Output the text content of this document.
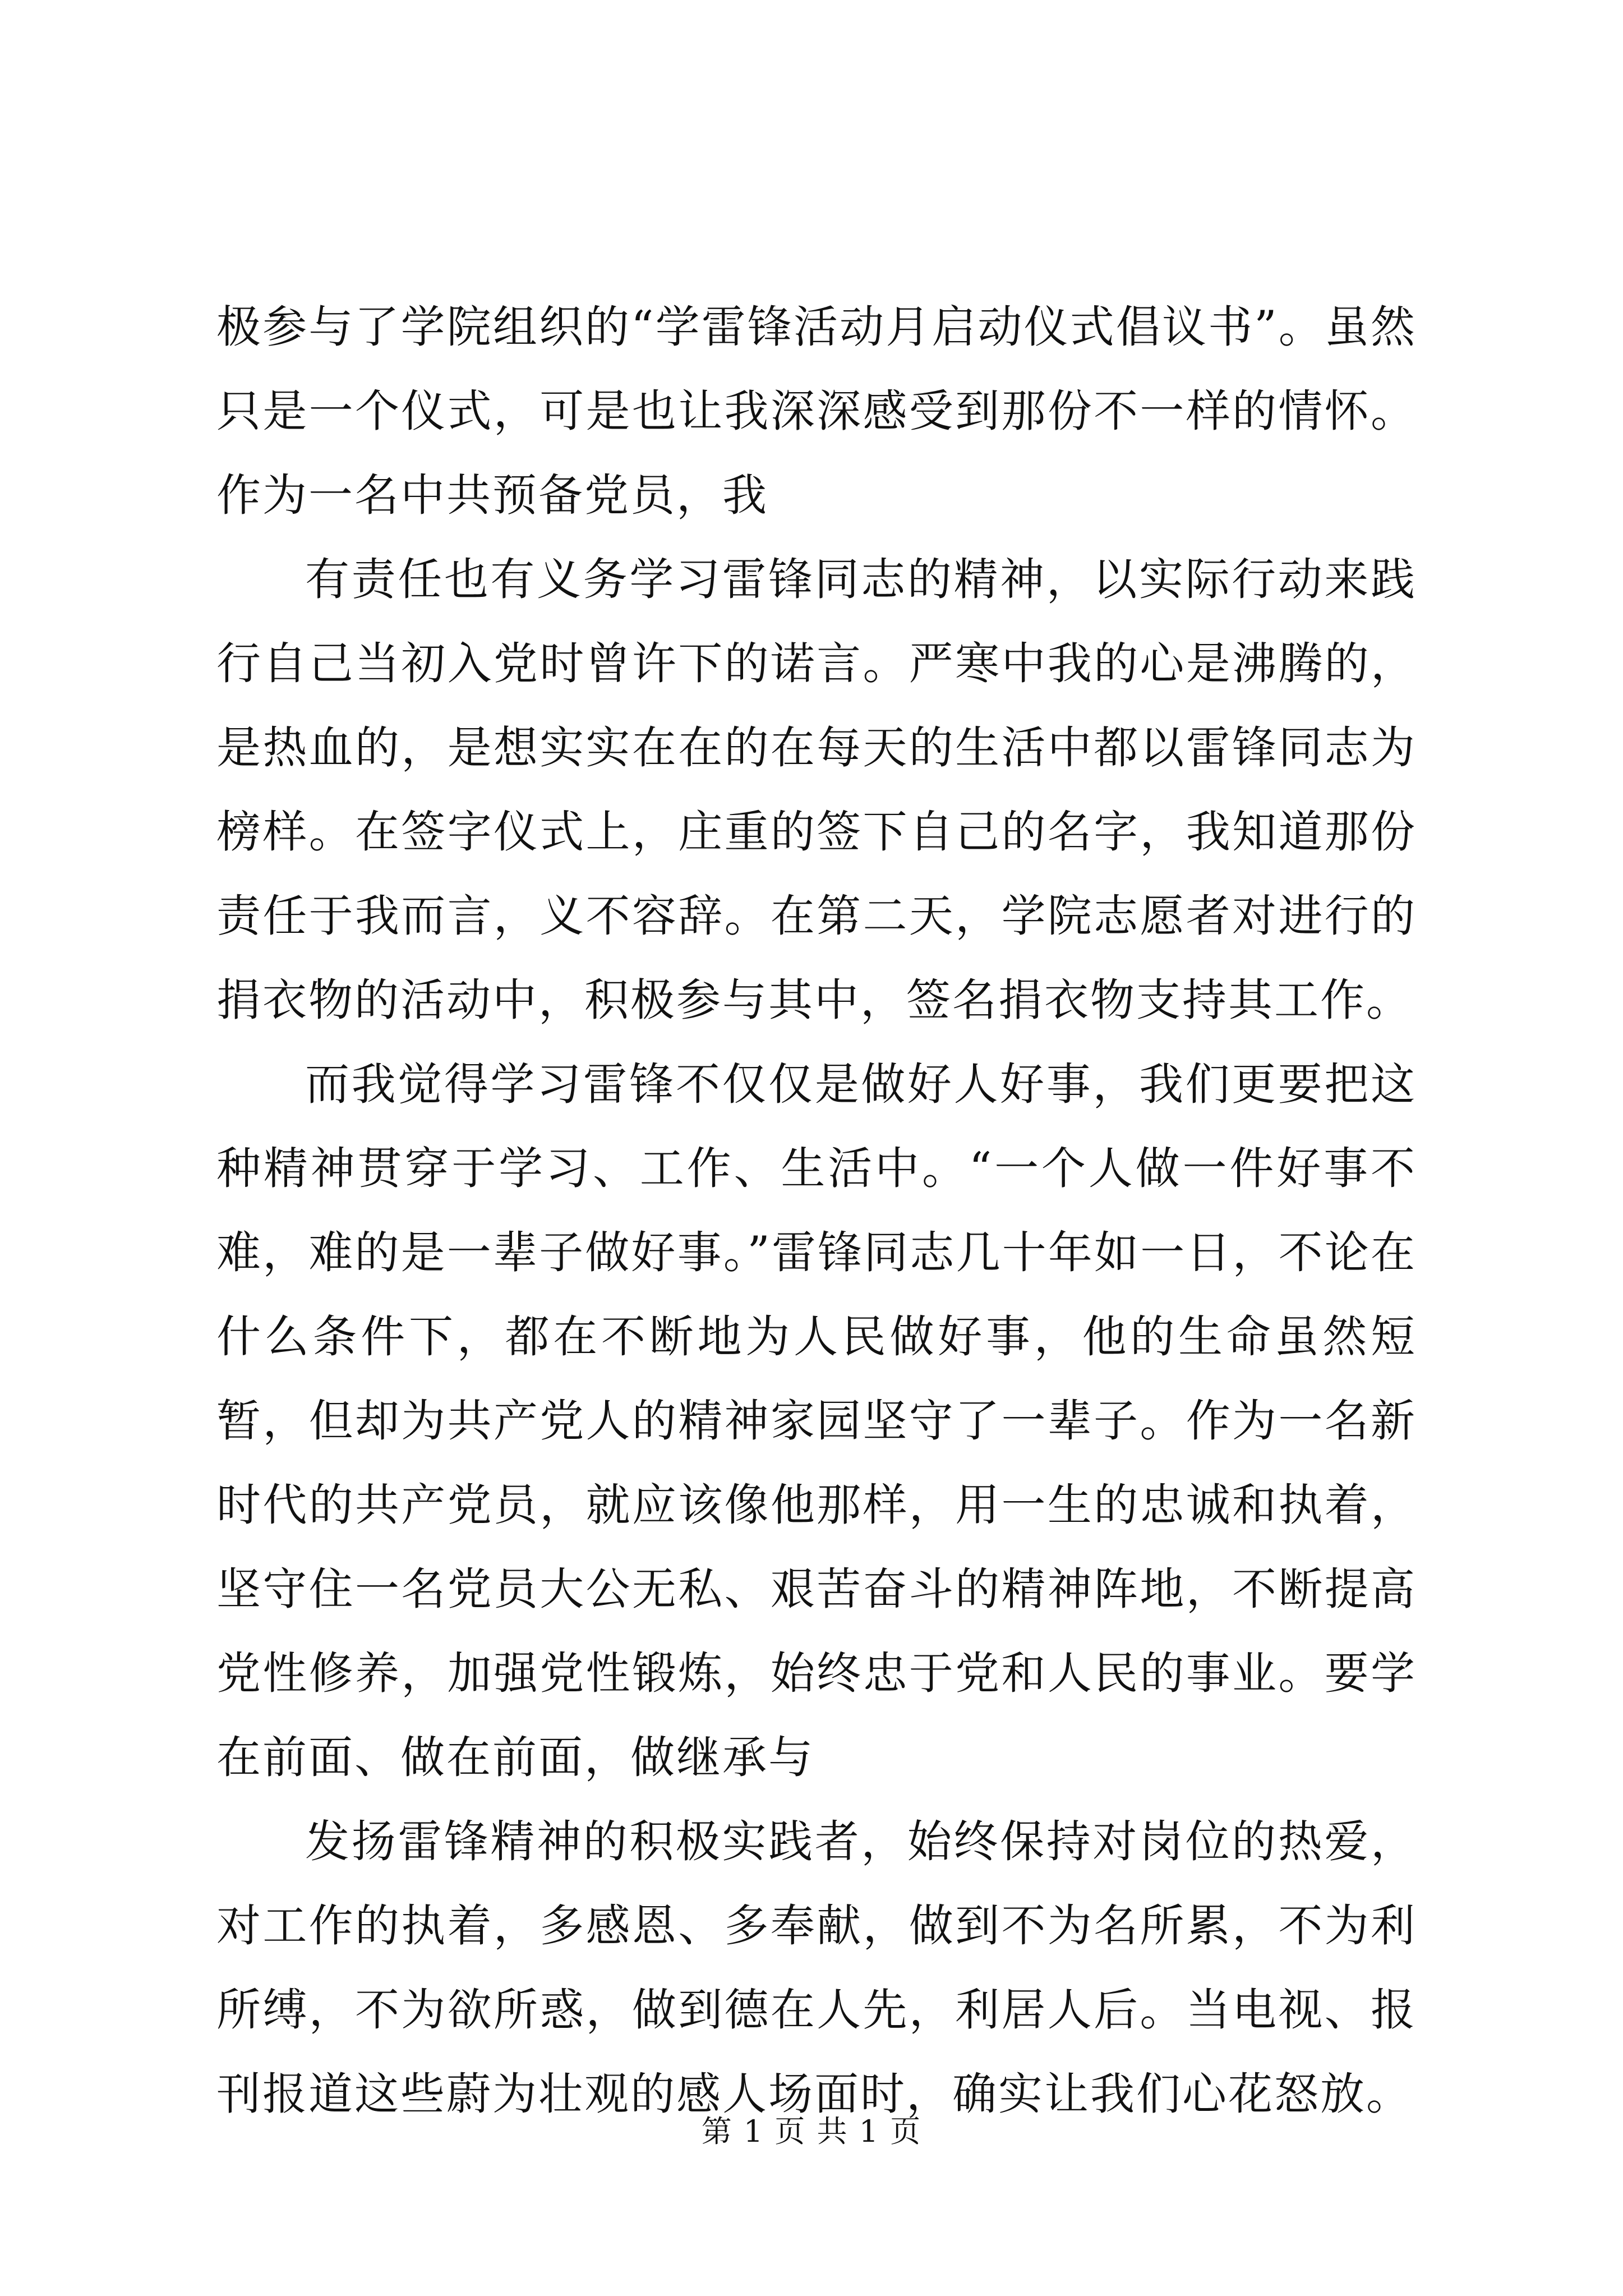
极参与了学院组织的“学雷锋活动月启动仪式倡议书”。虽然只是一个仪式，可是也让我深深感受到那份不一样的情怀。作为一名中共预备党员，我

有责任也有义务学习雷锋同志的精神，以实际行动来践行自己当初入党时曾许下的诺言。严寒中我的心是沸腾的，是热血的，是想实实在在的在每天的生活中都以雷锋同志为榜样。在签字仪式上，庄重的签下自己的名字，我知道那份责任于我而言，义不容辞。在第二天，学院志愿者对进行的捐衣物的活动中，积极参与其中，签名捐衣物支持其工作。

而我觉得学习雷锋不仅仅是做好人好事，我们更要把这种精神贯穿于学习、工作、生活中。“一个人做一件好事不难，难的是一辈子做好事。”雷锋同志几十年如一日，不论在什么条件下，都在不断地为人民做好事，他的生命虽然短暂，但却为共产党人的精神家园坚守了一辈子。作为一名新时代的共产党员，就应该像他那样，用一生的忠诚和执着，坚守住一名党员大公无私、艰苦奋斗的精神阵地，不断提高党性修养，加强党性锻炼，始终忠于党和人民的事业。要学在前面、做在前面，做继承与

发扬雷锋精神的积极实践者，始终保持对岗位的热爱，对工作的执着，多感恩、多奉献，做到不为名所累，不为利所缚，不为欲所惑，做到德在人先，利居人后。当电视、报刊报道这些蔚为壮观的感人场面时，确实让我们心花怒放。

第 1 页 共 1 页
